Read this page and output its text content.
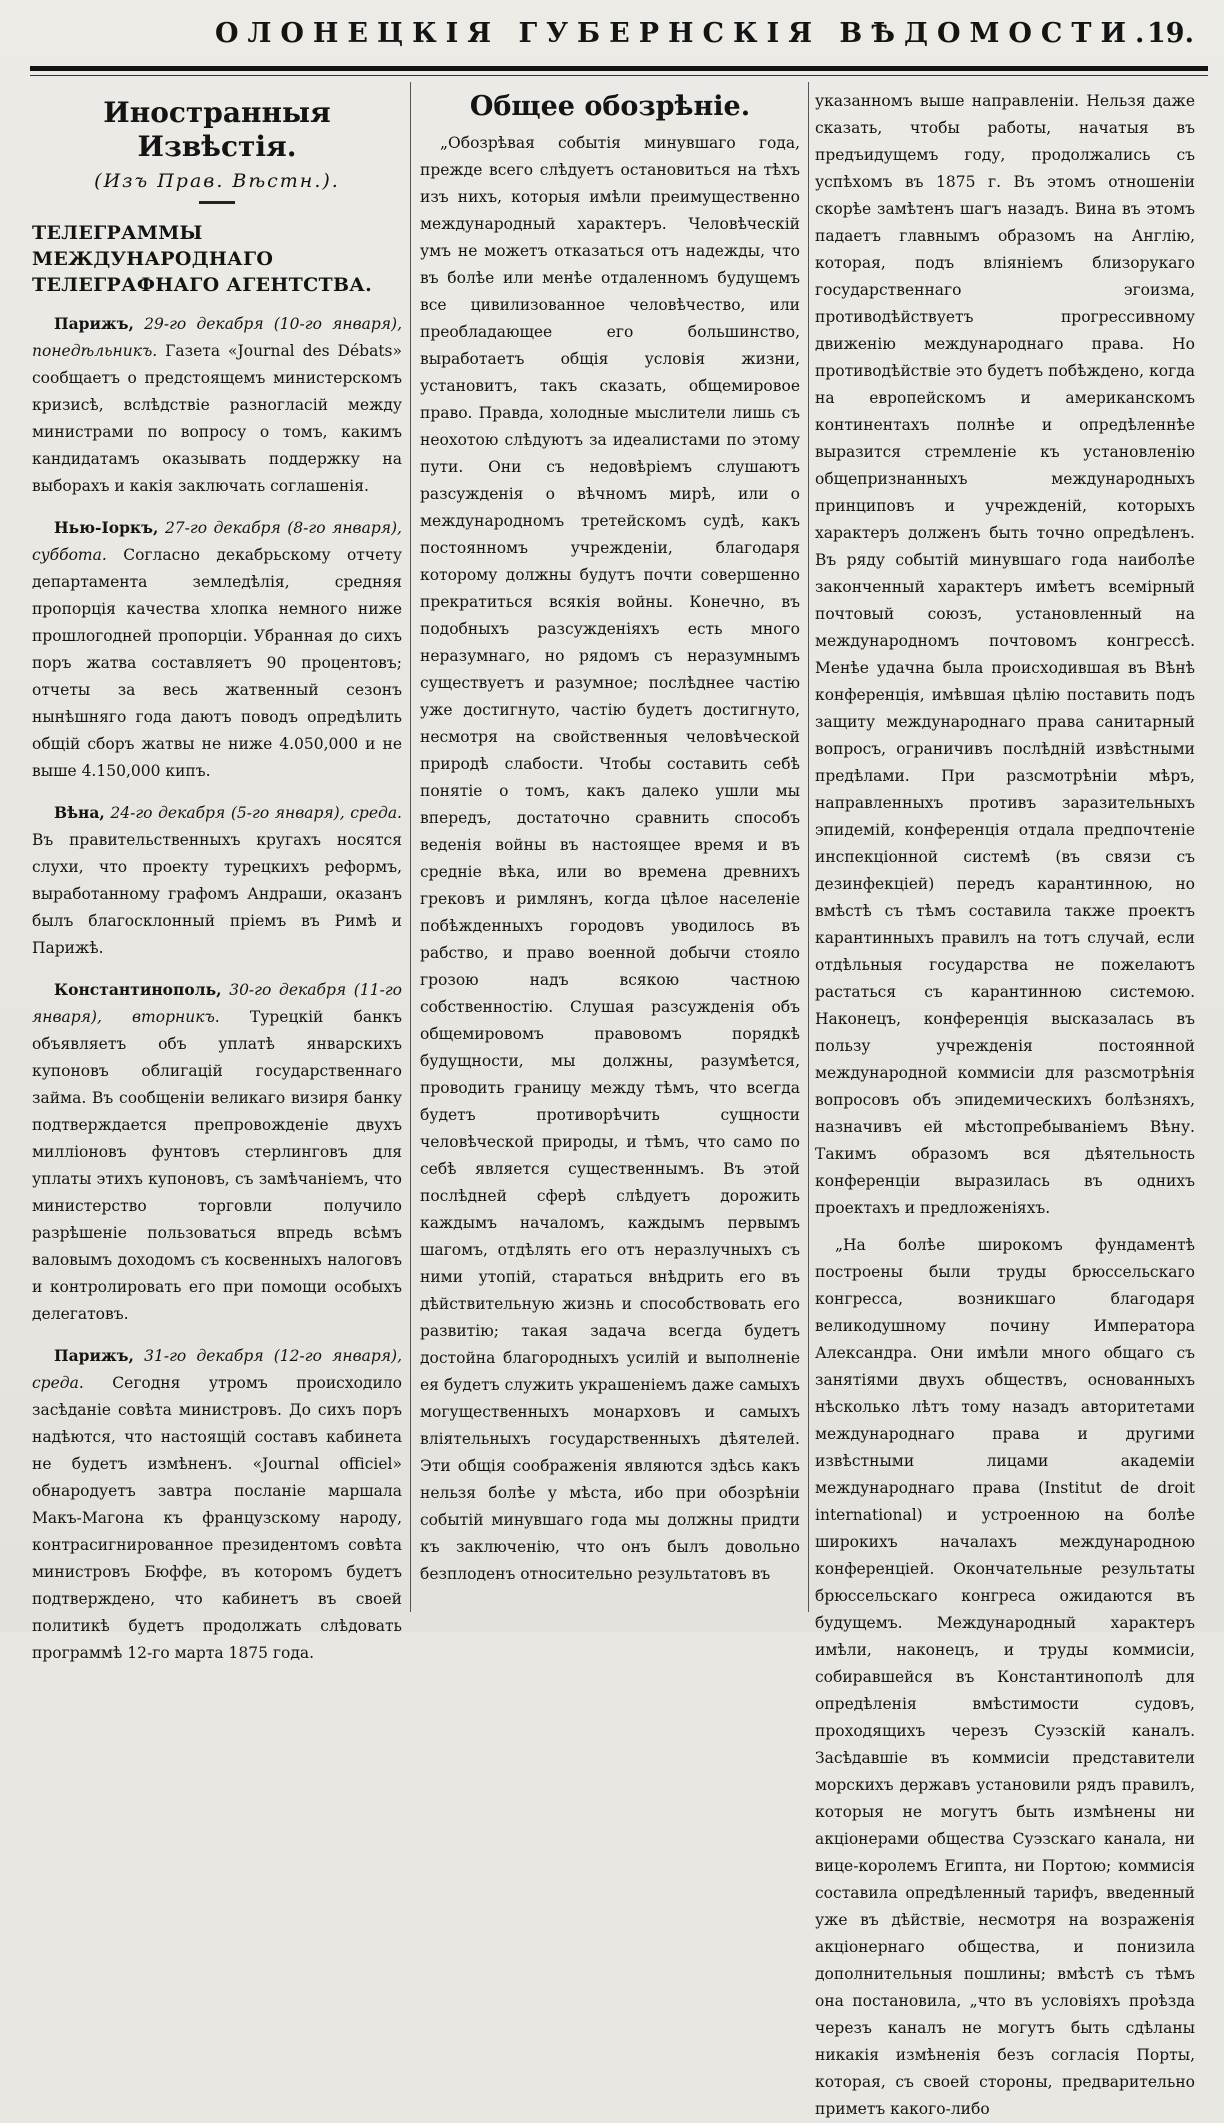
ОЛОНЕЦКІЯ ГУБЕРНСКІЯ ВѢДОМОСТИ.
19.
Иностранныя Извѣстія.
(Изъ Прав. Вѣстн.).
ТЕЛЕГРАММЫ МЕЖДУНАРОДНАГО ТЕЛЕГРАФНАГО АГЕНТСТВА.

Парижъ, 29-го декабря (10-го января), понедѣльникъ. Газета «Journal des Débats» сообщаетъ о предстоящемъ министерскомъ кризисѣ, вслѣдствіе разногласій между министрами по вопросу о томъ, какимъ кандидатамъ оказывать поддержку на выборахъ и какія заключать соглашенія.

Нью-Іоркъ, 27-го декабря (8-го января), суббота. Согласно декабрьскому отчету департамента земледѣлія, средняя пропорція качества хлопка немного ниже прошлогодней пропорціи. Убранная до сихъ поръ жатва составляетъ 90 процентовъ; отчеты за весь жатвенный сезонъ нынѣшняго года даютъ поводъ опредѣлить общій сборъ жатвы не ниже 4.050,000 и не выше 4.150,000 кипъ.

Вѣна, 24-го декабря (5-го января), среда. Въ правительственныхъ кругахъ носятся слухи, что проекту турецкихъ реформъ, выработанному графомъ Андраши, оказанъ былъ благосклонный пріемъ въ Римѣ и Парижѣ.

Константинополь, 30-го декабря (11-го января), вторникъ. Турецкій банкъ объявляетъ объ уплатѣ январскихъ купоновъ облигацій государственнаго займа. Въ сообщеніи великаго визиря банку подтверждается препровожденіе двухъ милліоновъ фунтовъ стерлинговъ для уплаты этихъ купоновъ, съ замѣчаніемъ, что министерство торговли получило разрѣшеніе пользоваться впредь всѣмъ валовымъ доходомъ съ косвенныхъ налоговъ и контролировать его при помощи особыхъ делегатовъ.

Парижъ, 31-го декабря (12-го января), среда. Сегодня утромъ происходило засѣданіе совѣта министровъ. До сихъ поръ надѣются, что настоящій составъ кабинета не будетъ измѣненъ. «Journal officiel» обнародуетъ завтра посланіе маршала Макъ-Магона къ французскому народу, контрасигнированное президентомъ совѣта министровъ Бюффе, въ которомъ будетъ подтверждено, что кабинетъ въ своей политикѣ будетъ продолжать слѣдовать программѣ 12-го марта 1875 года.

Общее обозрѣніе.

„Обозрѣвая событія минувшаго года, прежде всего слѣдуетъ остановиться на тѣхъ изъ нихъ, которыя имѣли преимущественно международный характеръ. Человѣческій умъ не можетъ отказаться отъ надежды, что въ болѣе или менѣе отдаленномъ будущемъ все цивилизованное человѣчество, или преобладающее его большинство, выработаетъ общія условія жизни, установитъ, такъ сказать, общемировое право. Правда, холодные мыслители лишь съ неохотою слѣдуютъ за идеалистами по этому пути. Они съ недовѣріемъ слушаютъ разсужденія о вѣчномъ мирѣ, или о международномъ третейскомъ судѣ, какъ постоянномъ учрежденіи, благодаря которому должны будутъ почти совершенно прекратиться всякія войны. Конечно, въ подобныхъ разсужденіяхъ есть много неразумнаго, но рядомъ съ неразумнымъ существуетъ и разумное; послѣднее частію уже достигнуто, частію будетъ достигнуто, несмотря на свойственныя человѣческой природѣ слабости. Чтобы составить себѣ понятіе о томъ, какъ далеко ушли мы впередъ, достаточно сравнить способъ веденія войны въ настоящее время и въ средніе вѣка, или во времена древнихъ грековъ и римлянъ, когда цѣлое населеніе побѣжденныхъ городовъ уводилось въ рабство, и право военной добычи стояло грозою надъ всякою частною собственностію. Слушая разсужденія объ общемировомъ правовомъ порядкѣ будущности, мы должны, разумѣется, проводить границу между тѣмъ, что всегда будетъ противорѣчить сущности человѣческой природы, и тѣмъ, что само по себѣ является существеннымъ. Въ этой послѣдней сферѣ слѣдуетъ дорожить каждымъ началомъ, каждымъ первымъ шагомъ, отдѣлять его отъ неразлучныхъ съ ними утопій, стараться внѣдрить его въ дѣйствительную жизнь и способствовать его развитію; такая задача всегда будетъ достойна благородныхъ усилій и выполненіе ея будетъ служить украшеніемъ даже самыхъ могущественныхъ монарховъ и самыхъ вліятельныхъ государственныхъ дѣятелей. Эти общія соображенія являются здѣсь какъ нельзя болѣе у мѣста, ибо при обозрѣніи событій минувшаго года мы должны придти къ заключенію, что онъ былъ довольно безплоденъ относительно результатовъ въ

указанномъ выше направленіи. Нельзя даже сказать, чтобы работы, начатыя въ предъидущемъ году, продолжались съ успѣхомъ въ 1875 г. Въ этомъ отношеніи скорѣе замѣтенъ шагъ назадъ. Вина въ этомъ падаетъ главнымъ образомъ на Англію, которая, подъ вліяніемъ близорукаго государственнаго эгоизма, противодѣйствуетъ прогрессивному движенію международнаго права. Но противодѣйствіе это будетъ побѣждено, когда на европейскомъ и американскомъ континентахъ полнѣе и опредѣленнѣе выразится стремленіе къ установленію общепризнанныхъ международныхъ принциповъ и учрежденій, которыхъ характеръ долженъ быть точно опредѣленъ. Въ ряду событій минувшаго года наиболѣе законченный характеръ имѣетъ всемірный почтовый союзъ, установленный на международномъ почтовомъ конгрессѣ. Менѣе удачна была происходившая въ Вѣнѣ конференція, имѣвшая цѣлію поставить подъ защиту международнаго права санитарный вопросъ, ограничивъ послѣдній извѣстными предѣлами. При разсмотрѣніи мѣръ, направленныхъ противъ заразительныхъ эпидемій, конференція отдала предпочтеніе инспекціонной системѣ (въ связи съ дезинфекціей) передъ карантинною, но вмѣстѣ съ тѣмъ составила также проектъ карантинныхъ правилъ на тотъ случай, если отдѣльныя государства не пожелаютъ растаться съ карантинною системою. Наконецъ, конференція высказалась въ пользу учрежденія постоянной международной коммисіи для разсмотрѣнія вопросовъ объ эпидемическихъ болѣзняхъ, назначивъ ей мѣстопребываніемъ Вѣну. Такимъ образомъ вся дѣятельность конференціи выразилась въ однихъ проектахъ и предложеніяхъ.

„На болѣе широкомъ фундаментѣ построены были труды брюссельскаго конгресса, возникшаго благодаря великодушному почину Императора Александра. Они имѣли много общаго съ занятіями двухъ обществъ, основанныхъ нѣсколько лѣтъ тому назадъ авторитетами международнаго права и другими извѣстными лицами академіи международнаго права (Institut de droit international) и устроенною на болѣе широкихъ началахъ международною конференціей. Окончательные результаты брюссельскаго конгреса ожидаются въ будущемъ. Международный характеръ имѣли, наконецъ, и труды коммисіи, собиравшейся въ Константинополѣ для опредѣленія вмѣстимости судовъ, проходящихъ черезъ Суэзскій каналъ. Засѣдавшіе въ коммисіи представители морскихъ державъ установили рядъ правилъ, которыя не могутъ быть измѣнены ни акціонерами общества Суэзскаго канала, ни вице-королемъ Египта, ни Портою; коммисія составила опредѣленный тарифъ, введенный уже въ дѣйствіе, несмотря на возраженія акціонернаго общества, и понизила дополнительныя пошлины; вмѣстѣ съ тѣмъ она постановила, „что въ условіяхъ проѣзда черезъ каналъ не могутъ быть сдѣланы никакія измѣненія безъ согласія Порты, которая, съ своей стороны, предварительно приметъ какого-либо
